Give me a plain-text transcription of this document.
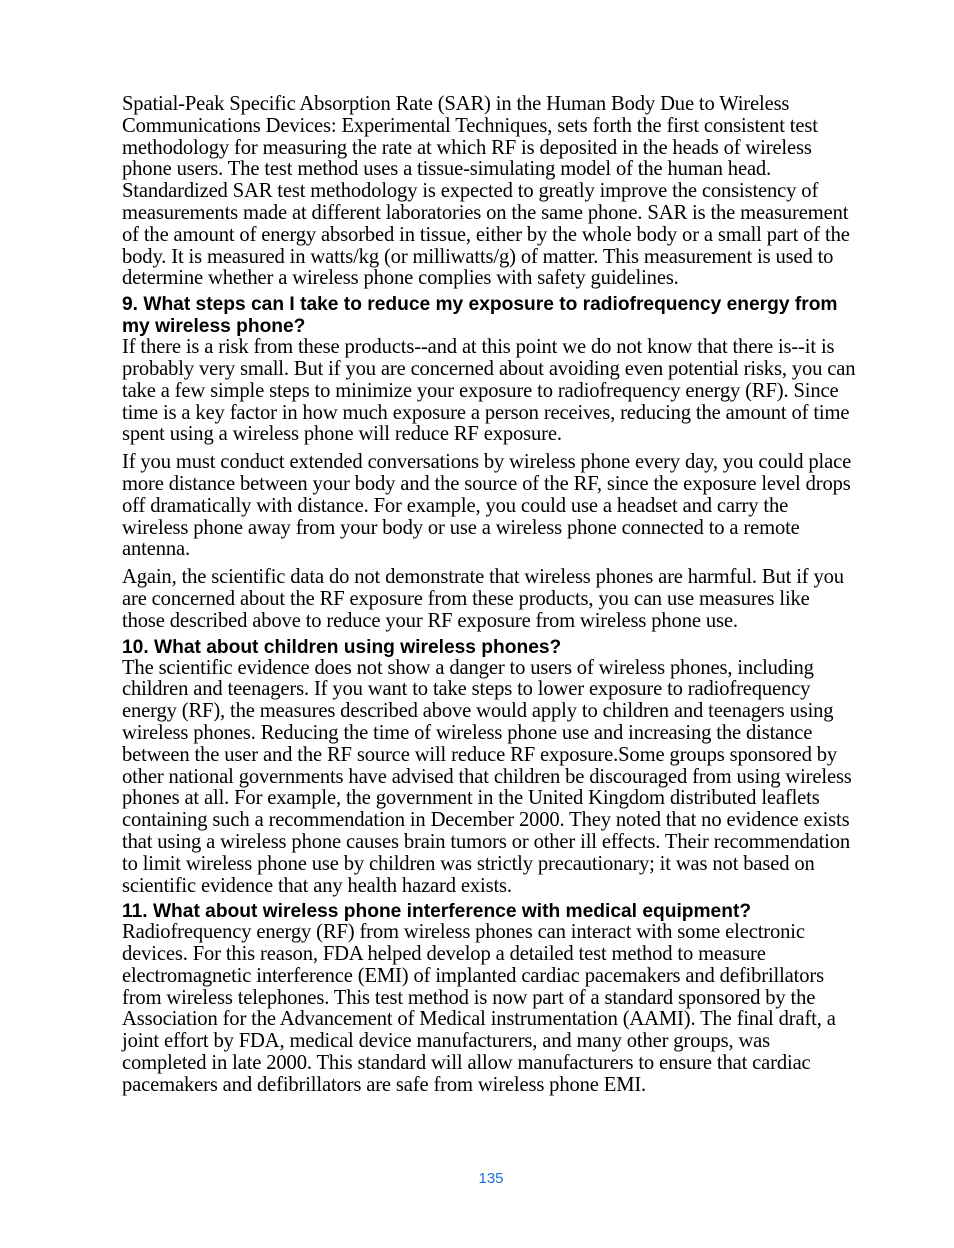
Spatial-Peak Specific Absorption Rate (SAR) in the Human Body Due to Wireless Communications Devices: Experimental Techniques, sets forth the first consistent test methodology for measuring the rate at which RF is deposited in the heads of wireless phone users. The test method uses a tissue-simulating model of the human head. Standardized SAR test methodology is expected to greatly improve the consistency of measurements made at different laboratories on the same phone. SAR is the measurement of the amount of energy absorbed in tissue, either by the whole body or a small part of the body. It is measured in watts/kg (or milliwatts/g) of matter. This measurement is used to determine whether a wireless phone complies with safety guidelines.

9. What steps can I take to reduce my exposure to radiofrequency energy from my wireless phone?

If there is a risk from these products--and at this point we do not know that there is--it is probably very small. But if you are concerned about avoiding even potential risks, you can take a few simple steps to minimize your exposure to radiofrequency energy (RF). Since time is a key factor in how much exposure a person receives, reducing the amount of time spent using a wireless phone will reduce RF exposure.

If you must conduct extended conversations by wireless phone every day, you could place more distance between your body and the source of the RF, since the exposure level drops off dramatically with distance. For example, you could use a headset and carry the wireless phone away from your body or use a wireless phone connected to a remote antenna.

Again, the scientific data do not demonstrate that wireless phones are harmful. But if you are concerned about the RF exposure from these products, you can use measures like those described above to reduce your RF exposure from wireless phone use.

10. What about children using wireless phones?

The scientific evidence does not show a danger to users of wireless phones, including children and teenagers. If you want to take steps to lower exposure to radiofrequency energy (RF), the measures described above would apply to children and teenagers using wireless phones. Reducing the time of wireless phone use and increasing the distance between the user and the RF source will reduce RF exposure.Some groups sponsored by other national governments have advised that children be discouraged from using wireless phones at all. For example, the government in the United Kingdom distributed leaflets containing such a recommendation in December 2000. They noted that no evidence exists that using a wireless phone causes brain tumors or other ill effects. Their recommendation to limit wireless phone use by children was strictly precautionary; it was not based on scientific evidence that any health hazard exists.

11. What about wireless phone interference with medical equipment?

Radiofrequency energy (RF) from wireless phones can interact with some electronic devices. For this reason, FDA helped develop a detailed test method to measure electromagnetic interference (EMI) of implanted cardiac pacemakers and defibrillators from wireless telephones. This test method is now part of a standard sponsored by the Association for the Advancement of Medical instrumentation (AAMI). The final draft, a joint effort by FDA, medical device manufacturers, and many other groups, was completed in late 2000. This standard will allow manufacturers to ensure that cardiac pacemakers and defibrillators are safe from wireless phone EMI.

135
